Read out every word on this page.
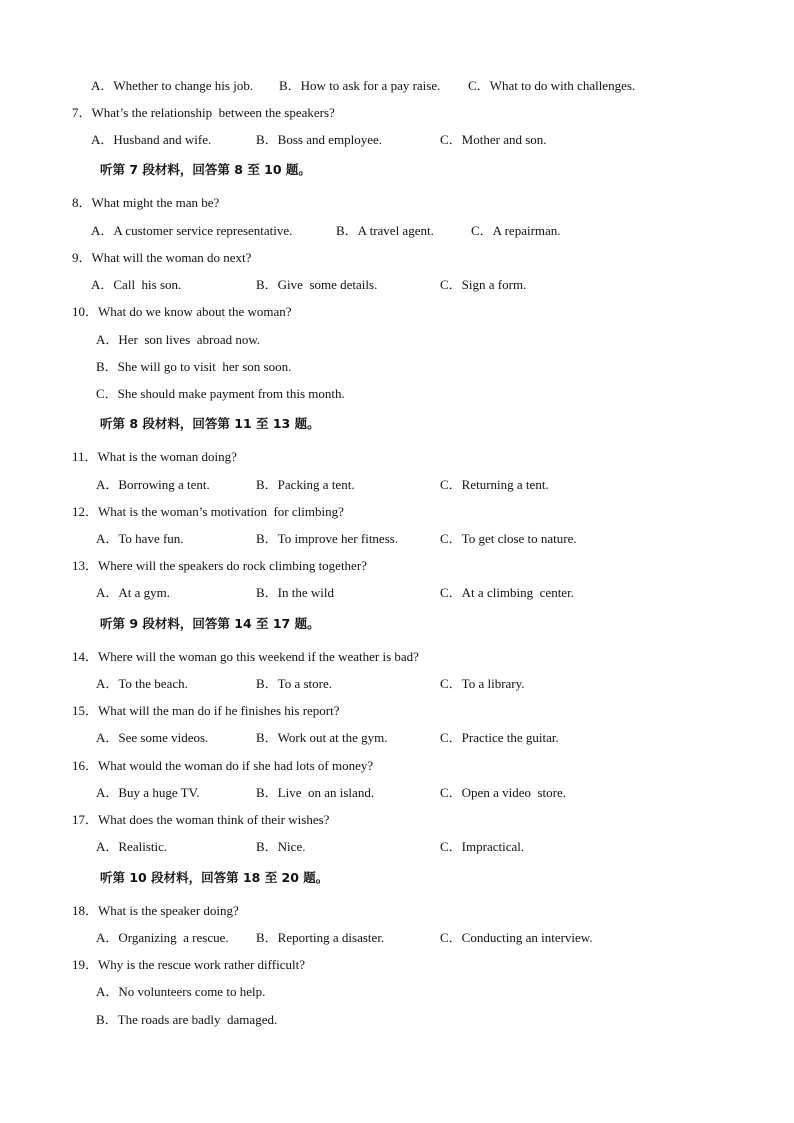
A．Whether to change his job. B．How to ask for a pay raise. C．What to do with challenges.
7．What’s the relationship  between the speakers?
A．Husband and wife.	B．Boss and employee.	C．Mother and son.
听第 7 段材料，回答第 8 至 10 题。
8．What might the man be?
A．A customer service representative.	B．A travel agent.	C．A repairman.
9．What will the woman do next?
A．Call  his son.	B．Give  some details.	C．Sign a form.
10．What do we know about the woman?
A．Her  son lives  abroad now.
B．She will go to visit  her son soon.
C．She should make payment from this month.
听第 8 段材料，回答第 11 至 13 题。
11．What is the woman doing?
A．Borrowing a tent.	B．Packing a tent.	C．Returning a tent.
12．What is the woman’s motivation  for climbing?
A．To have fun.	B．To improve her fitness.	C．To get close to nature.
13．Where will the speakers do rock climbing together?
A．At a gym.	B．In the wild	C．At a climbing  center.
听第 9 段材料，回答第 14 至 17 题。
14．Where will the woman go this weekend if the weather is bad?
A．To the beach.	B．To a store.	C．To a library.
15．What will the man do if he finishes his report?
A．See some videos.	B．Work out at the gym.	C．Practice the guitar.
16．What would the woman do if she had lots of money?
A．Buy a huge TV.	B．Live  on an island.	C．Open a video  store.
17．What does the woman think of their wishes?
A．Realistic.	B．Nice.	C．Impractical.
听第 10 段材料，回答第 18 至 20 题。
18．What is the speaker doing?
A．Organizing  a rescue. B．Reporting a disaster.	C．Conducting an interview.
19．Why is the rescue work rather difficult?
A．No volunteers come to help.
B．The roads are badly  damaged.
